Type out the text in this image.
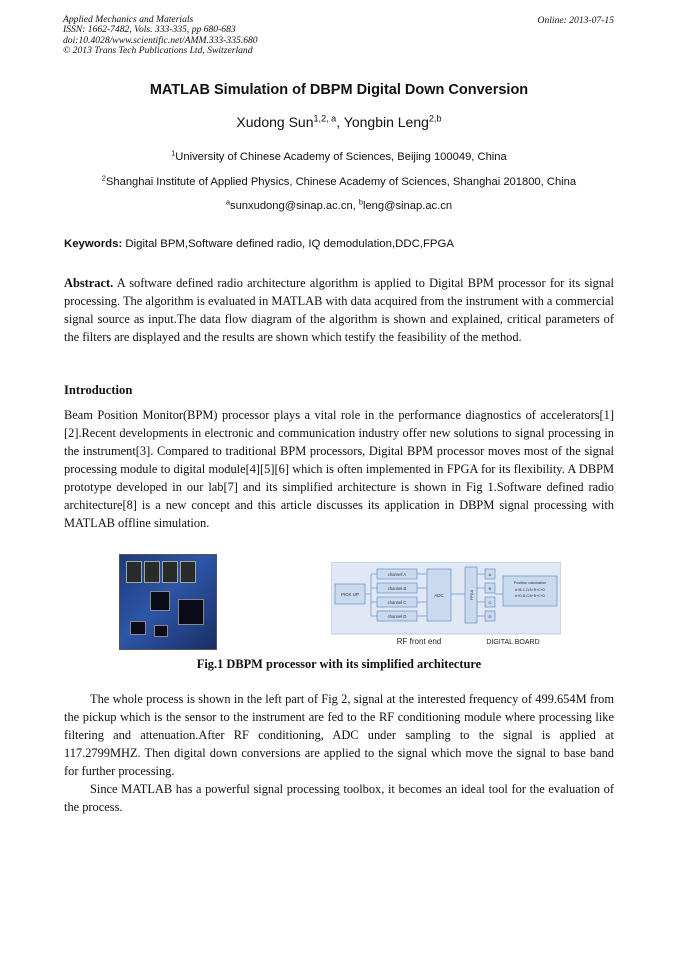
Applied Mechanics and Materials
ISSN: 1662-7482, Vols. 333-335, pp 680-683
doi:10.4028/www.scientific.net/AMM.333-335.680
© 2013 Trans Tech Publications Ltd, Switzerland
Online: 2013-07-15
MATLAB Simulation of DBPM Digital Down Conversion
Xudong Sun$^{1,2, a}$, Yongbin Leng$^{2,b}$
$^1$University of Chinese Academy of Sciences, Beijing 100049, China
$^2$Shanghai Institute of Applied Physics, Chinese Academy of Sciences, Shanghai 201800, China
$^a$sunxudong@sinap.ac.cn, $^b$leng@sinap.ac.cn
Keywords: Digital BPM,Software defined radio, IQ demodulation,DDC,FPGA

Abstract. A software defined radio architecture algorithm is applied to Digital BPM processor for its signal processing. The algorithm is evaluated in MATLAB with data acquired from the instrument with a commercial signal source as input.The data flow diagram of the algorithm is shown and explained, critical parameters of the filters are displayed and the results are shown which testify the feasibility of the method.

Introduction

Beam Position Monitor(BPM) processor plays a vital role in the performance diagnostics of accelerators[1][2].Recent developments in electronic and communication industry offer new solutions to signal processing in the instrument[3]. Compared to traditional BPM processors, Digital BPM processor moves most of the signal processing module to digital module[4][5][6] which is often implemented in FPGA for its flexibility. A DBPM prototype developed in our lab[7] and its simplified architecture is shown in Fig 1.Software defined radio architecture[8] is a new concept and this article discusses its application in DBPM signal processing with MATLAB offline simulation.

PICK UP
channel A
channel B
channel C
channel D
ADC	FPGA
A
B
C
D
Position calculation
A+B-C-D/A+B+C+D
A+D-B-C/A+B+C+D
RF front end	DIGITAL BOARD
Fig.1 DBPM processor with its simplified architecture

The whole process is shown in the left part of Fig 2, signal at the interested frequency of 499.654M from the pickup which is the sensor to the instrument are fed to the RF conditioning module where processing like filtering and attenuation.After RF conditioning, ADC under sampling to the signal is applied at 117.2799MHZ. Then digital down conversions are applied to the signal which move the signal to base band for further processing.

Since MATLAB has a powerful signal processing toolbox, it becomes an ideal tool for the evaluation of the process.
